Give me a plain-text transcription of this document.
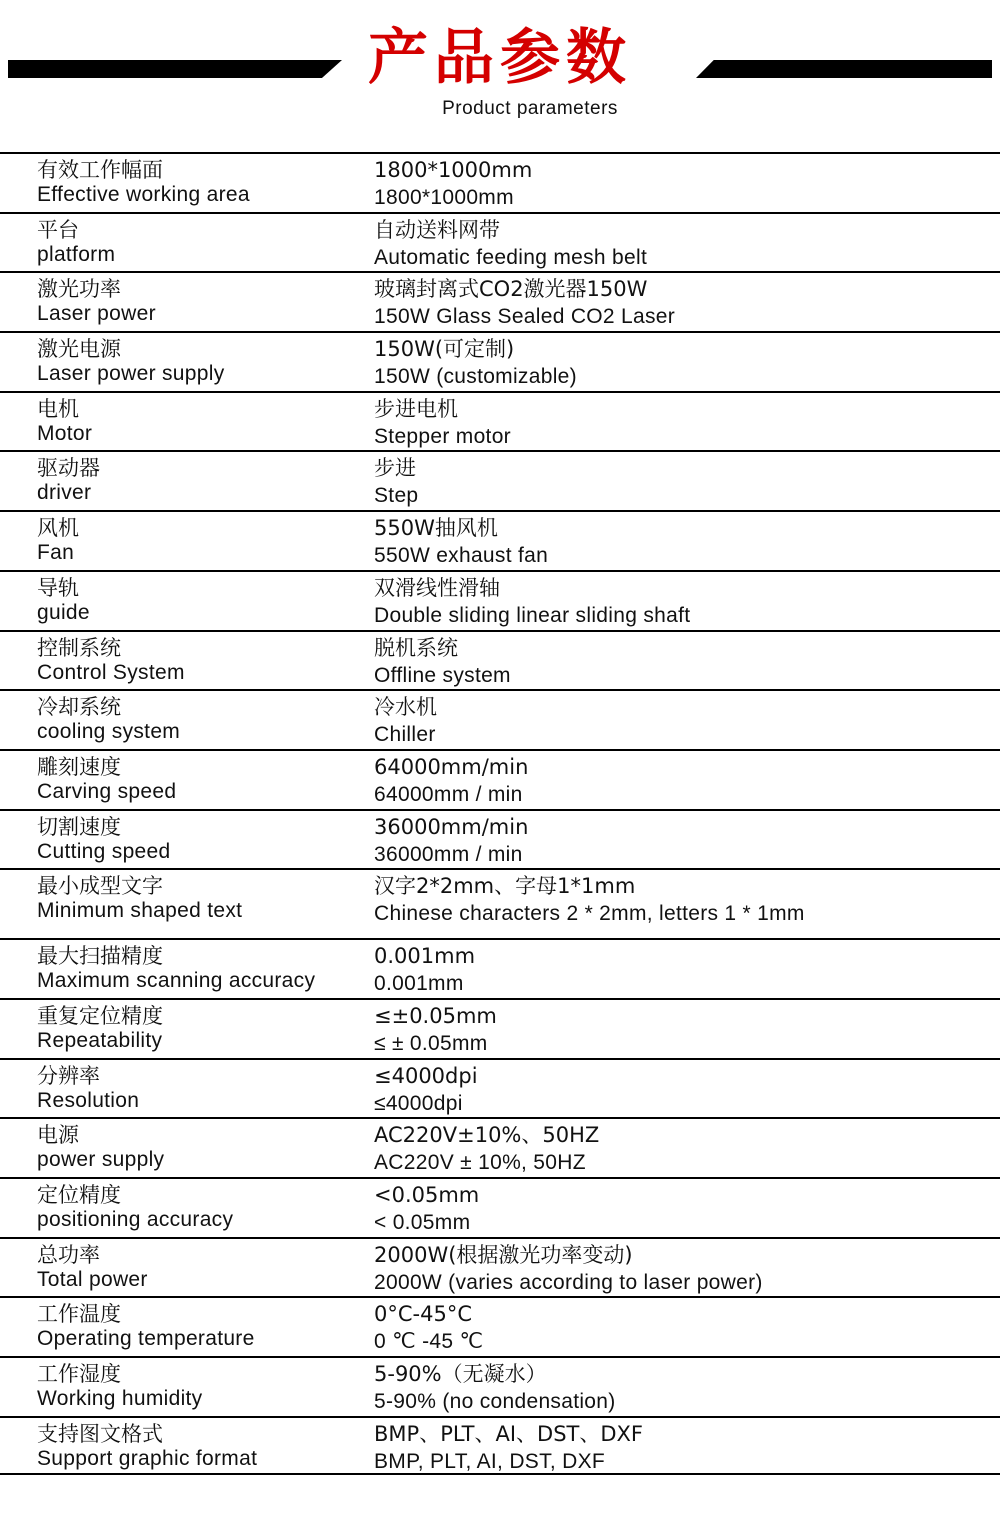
产品参数
Product parameters
有效工作幅面
Effective working area
1800*1000mm
1800*1000mm
平台
platform
自动送料网带
Automatic feeding mesh belt
激光功率
Laser power
玻璃封离式CO2激光器150W
150W Glass Sealed CO2 Laser
激光电源
Laser power supply
150W(可定制)
150W (customizable)
电机
Motor
步进电机
Stepper motor
驱动器
driver
步进
Step
风机
Fan
550W抽风机
550W exhaust fan
导轨
guide
双滑线性滑轴
Double sliding linear sliding shaft
控制系统
Control System
脱机系统
Offline system
冷却系统
cooling system
冷水机
Chiller
雕刻速度
Carving speed
64000mm/min
64000mm / min
切割速度
Cutting speed
36000mm/min
36000mm / min
最小成型文字
Minimum shaped text
汉字2*2mm、字母1*1mm
Chinese characters 2 * 2mm, letters 1 * 1mm
最大扫描精度
Maximum scanning accuracy
0.001mm
0.001mm
重复定位精度
Repeatability
≤±0.05mm
≤ ± 0.05mm
分辨率
Resolution
≤4000dpi
≤4000dpi
电源
power supply
AC220V±10%、50HZ
AC220V ± 10%, 50HZ
定位精度
positioning accuracy
<0.05mm
< 0.05mm
总功率
Total power
2000W(根据激光功率变动)
2000W (varies according to laser power)
工作温度
Operating temperature
0°C-45°C
0 ℃ -45 ℃
工作湿度
Working humidity
5-90%（无凝水）
5-90% (no condensation)
支持图文格式
Support graphic format
BMP、PLT、AI、DST、DXF
BMP, PLT, AI, DST, DXF
